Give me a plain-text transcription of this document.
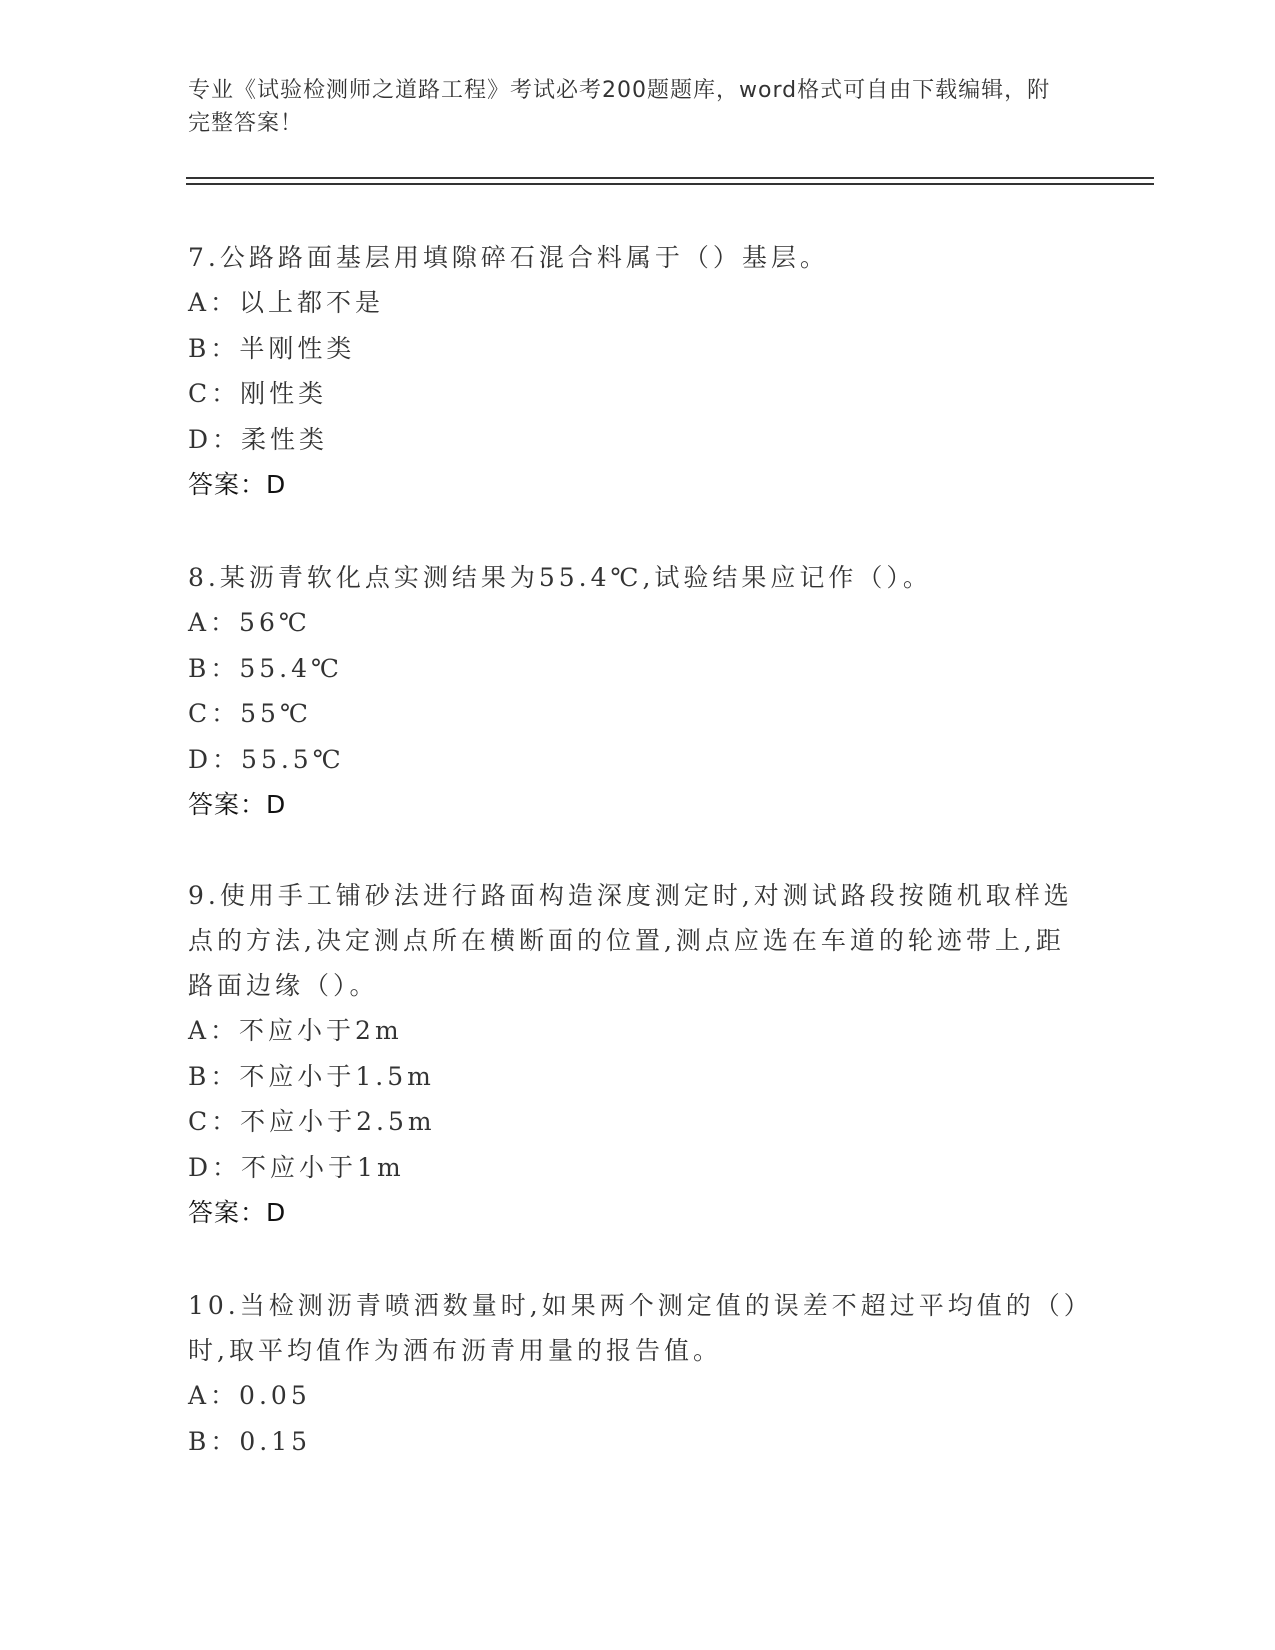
专业《试验检测师之道路工程》考试必考200题题库，word格式可自由下载编辑，附完整答案！

7.公路路面基层用填隙碎石混合料属于（）基层。

A：以上都不是

B：半刚性类

C：刚性类

D：柔性类

答案：D

8.某沥青软化点实测结果为55.4℃,试验结果应记作（）。

A：56℃

B：55.4℃

C：55℃

D：55.5℃

答案：D

9.使用手工铺砂法进行路面构造深度测定时,对测试路段按随机取样选点的方法,决定测点所在横断面的位置,测点应选在车道的轮迹带上,距路面边缘（）。

A：不应小于2m

B：不应小于1.5m

C：不应小于2.5m

D：不应小于1m

答案：D

10.当检测沥青喷洒数量时,如果两个测定值的误差不超过平均值的（）时,取平均值作为洒布沥青用量的报告值。

A：0.05

B：0.15
